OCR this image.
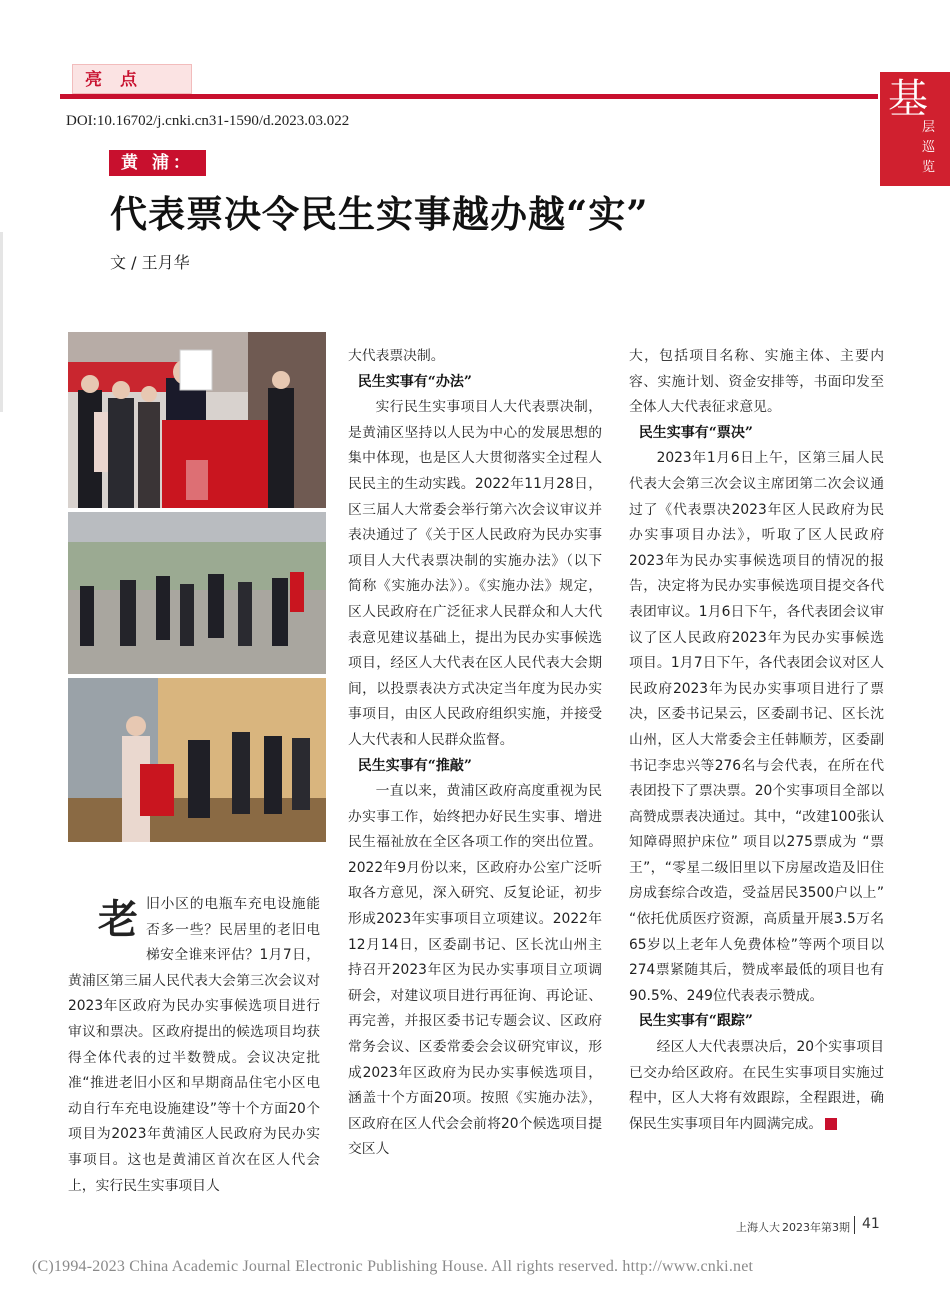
亮点	基
层
巡
览
DOI:10.16702/j.cnki.cn31-1590/d.2023.03.022
黄 浦：
代表票决令民生实事越办越“实”
文 / 王月华
老 旧小区的电瓶车充电设施能否多一些？民居里的老旧电梯安全谁来评估？1月7日，黄浦区第三届人民代表大会第三次会议对2023年区政府为民办实事候选项目进行审议和票决。区政府提出的候选项目均获得全体代表的过半数赞成。会议决定批准“推进老旧小区和早期商品住宅小区电动自行车充电设施建设”等十个方面20个项目为2023年黄浦区人民政府为民办实事项目。这也是黄浦区首次在区人代会上，实行民生实事项目人

大代表票决制。

民生实事有“办法”

实行民生实事项目人大代表票决制，是黄浦区坚持以人民为中心的发展思想的集中体现，也是区人大贯彻落实全过程人民民主的生动实践。2022年11月28日，区三届人大常委会举行第六次会议审议并表决通过了《关于区人民政府为民办实事项目人大代表票决制的实施办法》（以下简称《实施办法》）。《实施办法》规定，区人民政府在广泛征求人民群众和人大代表意见建议基础上，提出为民办实事候选项目，经区人大代表在区人民代表大会期间，以投票表决方式决定当年度为民办实事项目，由区人民政府组织实施，并接受人大代表和人民群众监督。

民生实事有“推敲”

一直以来，黄浦区政府高度重视为民办实事工作，始终把办好民生实事、增进民生福祉放在全区各项工作的突出位置。2022年9月份以来，区政府办公室广泛听取各方意见，深入研究、反复论证，初步形成2023年实事项目立项建议。2022年12月14日，区委副书记、区长沈山州主持召开2023年区为民办实事项目立项调研会，对建议项目进行再征询、再论证、再完善，并报区委书记专题会议、区政府常务会议、区委常委会会议研究审议，形成2023年区政府为民办实事候选项目，涵盖十个方面20项。按照《实施办法》，区政府在区人代会会前将20个候选项目提交区人

大，包括项目名称、实施主体、主要内容、实施计划、资金安排等，书面印发至全体人大代表征求意见。

民生实事有“票决”

2023年1月6日上午，区第三届人民代表大会第三次会议主席团第二次会议通过了《代表票决2023年区人民政府为民办实事项目办法》，听取了区人民政府2023年为民办实事候选项目的情况的报告，决定将为民办实事候选项目提交各代表团审议。1月6日下午，各代表团会议审议了区人民政府2023年为民办实事候选项目。1月7日下午，各代表团会议对区人民政府2023年为民办实事项目进行了票决，区委书记杲云，区委副书记、区长沈山州，区人大常委会主任韩顺芳，区委副书记李忠兴等276名与会代表，在所在代表团投下了票决票。20个实事项目全部以高赞成票表决通过。其中，“改建100张认知障碍照护床位” 项目以275票成为 “票王”，“零星二级旧里以下房屋改造及旧住房成套综合改造，受益居民3500户以上” “依托优质医疗资源，高质量开展3.5万名65岁以上老年人免费体检”等两个项目以274票紧随其后，赞成率最低的项目也有90.5%、249位代表表示赞成。

民生实事有“跟踪”

经区人大代表票决后，20个实事项目已交办给区政府。在民生实事项目实施过程中，区人大将有效跟踪，全程跟进，确保民生实事项目年内圆满完成。

上海人大 2023年第3期 41
(C)1994-2023 China Academic Journal Electronic Publishing House. All rights reserved. http://www.cnki.net
